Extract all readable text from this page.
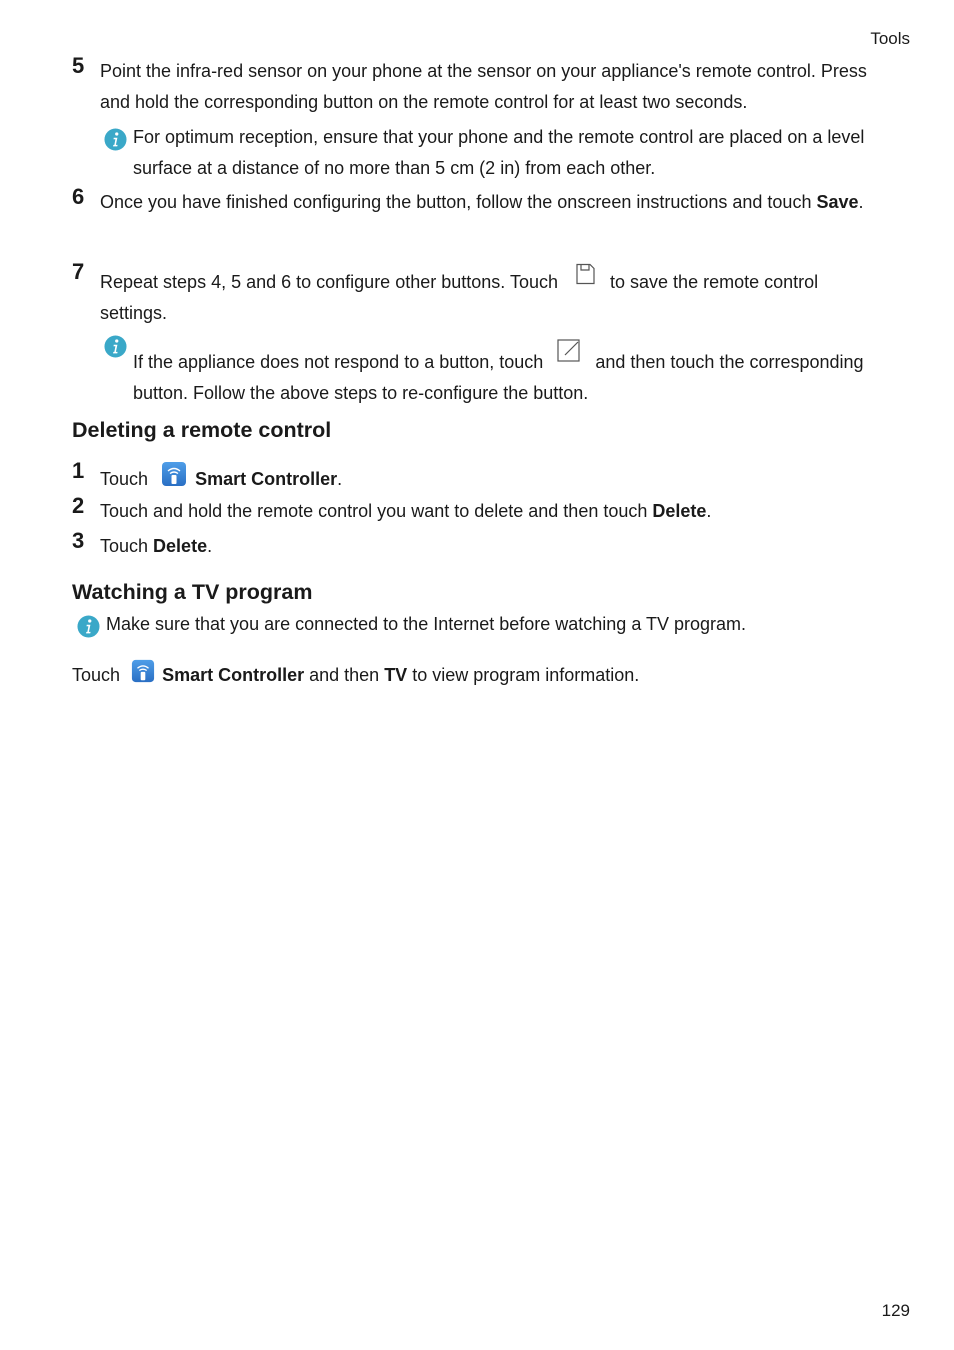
Tools
129
5 Point the infra-red sensor on your phone at the sensor on your appliance's remote control. Press and hold the corresponding button on the remote control for at least two seconds.
For optimum reception, ensure that your phone and the remote control are placed on a level surface at a distance of no more than 5 cm (2 in) from each other.
6 Once you have finished configuring the button, follow the onscreen instructions and touch Save.
7 Repeat steps 4, 5 and 6 to configure other buttons. Touch	to save the remote control settings.
If the appliance does not respond to a button, touch	and then touch the corresponding button. Follow the above steps to re-configure the button.
Deleting a remote control
1 Touch	Smart Controller.
2 Touch and hold the remote control you want to delete and then touch Delete.
3 Touch Delete.
Watching a TV program
Make sure that you are connected to the Internet before watching a TV program.
Touch Smart Controller and then TV to view program information.
